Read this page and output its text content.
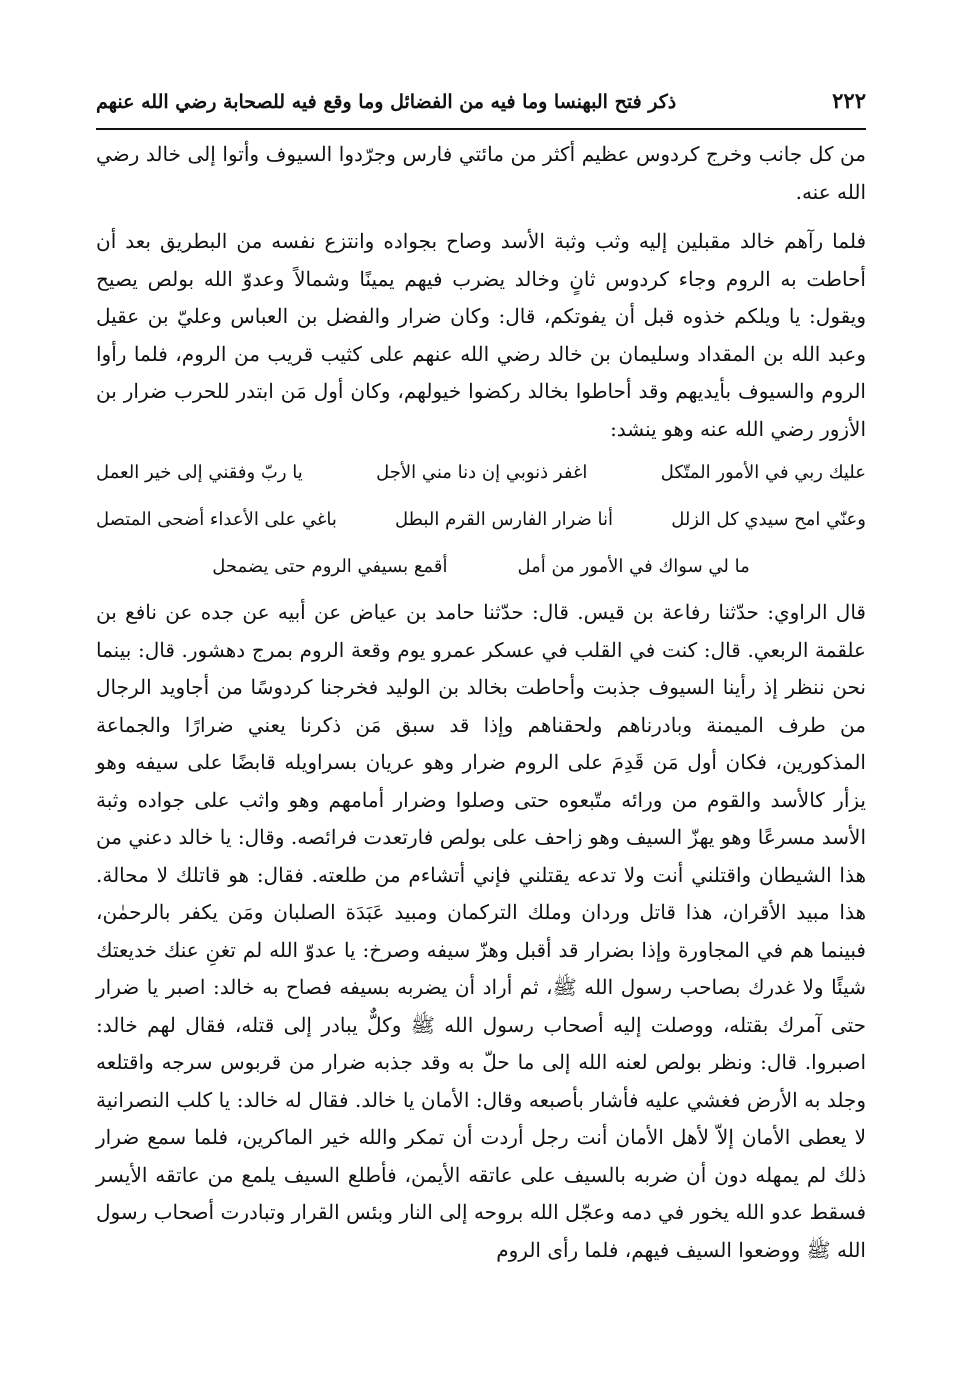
٢٢٢
ذكر فتح البهنسا وما فيه من الفضائل وما وقع فيه للصحابة رضي الله عنهم

من كل جانب وخرج كردوس عظيم أكثر من مائتي فارس وجرّدوا السيوف وأتوا إلى خالد رضي الله عنه.

فلما رآهم خالد مقبلين إليه وثب وثبة الأسد وصاح بجواده وانتزع نفسه من البطريق بعد أن أحاطت به الروم وجاء كردوس ثانٍ وخالد يضرب فيهم يمينًا وشمالاً وعدوّ الله بولص يصيح ويقول: يا ويلكم خذوه قبل أن يفوتكم، قال: وكان ضرار والفضل بن العباس وعليّ بن عقيل وعبد الله بن المقداد وسليمان بن خالد رضي الله عنهم على كثيب قريب من الروم، فلما رأوا الروم والسيوف بأيديهم وقد أحاطوا بخالد ركضوا خيولهم، وكان أول مَن ابتدر للحرب ضرار بن الأزور رضي الله عنه وهو ينشد:

عليك ربي في الأمور المتّكل
اغفر ذنوبي إن دنا مني الأجل
يا ربّ وفقني إلى خير العمل
وعنّي امح سيدي كل الزلل
أنا ضرار الفارس القرم البطل
باغي على الأعداء أضحى المتصل
ما لي سواك في الأمور من أمل
أقمع بسيفي الروم حتى يضمحل

قال الراوي: حدّثنا رفاعة بن قيس. قال: حدّثنا حامد بن عياض عن أبيه عن جده عن نافع بن علقمة الربعي. قال: كنت في القلب في عسكر عمرو يوم وقعة الروم بمرج دهشور. قال: بينما نحن ننظر إذ رأينا السيوف جذبت وأحاطت بخالد بن الوليد فخرجنا كردوسًا من أجاويد الرجال من طرف الميمنة وبادرناهم ولحقناهم وإذا قد سبق مَن ذكرنا يعني ضرارًا والجماعة المذكورين، فكان أول مَن قَدِمَ على الروم ضرار وهو عريان بسراويله قابضًا على سيفه وهو يزأر كالأسد والقوم من ورائه متّبعوه حتى وصلوا وضرار أمامهم وهو واثب على جواده وثبة الأسد مسرعًا وهو يهزّ السيف وهو زاحف على بولص فارتعدت فرائصه. وقال: يا خالد دعني من هذا الشيطان واقتلني أنت ولا تدعه يقتلني فإني أتشاءم من طلعته. فقال: هو قاتلك لا محالة. هذا مبيد الأقران، هذا قاتل وردان وملك التركمان ومبيد عَبَدَة الصلبان ومَن يكفر بالرحمٰن، فبينما هم في المجاورة وإذا بضرار قد أقبل وهزّ سيفه وصرخ: يا عدوّ الله لم تغنِ عنك خديعتك شيئًا ولا غدرك بصاحب رسول الله ﷺ، ثم أراد أن يضربه بسيفه فصاح به خالد: اصبر يا ضرار حتى آمرك بقتله، ووصلت إليه أصحاب رسول الله ﷺ وكلٌّ يبادر إلى قتله، فقال لهم خالد: اصبروا. قال: ونظر بولص لعنه الله إلى ما حلّ به وقد جذبه ضرار من قربوس سرجه واقتلعه وجلد به الأرض فغشي عليه فأشار بأصبعه وقال: الأمان يا خالد. فقال له خالد: يا كلب النصرانية لا يعطى الأمان إلاّ لأهل الأمان أنت رجل أردت أن تمكر والله خير الماكرين، فلما سمع ضرار ذلك لم يمهله دون أن ضربه بالسيف على عاتقه الأيمن، فأطلع السيف يلمع من عاتقه الأيسر فسقط عدو الله يخور في دمه وعجّل الله بروحه إلى النار وبئس القرار وتبادرت أصحاب رسول الله ﷺ ووضعوا السيف فيهم، فلما رأى الروم
